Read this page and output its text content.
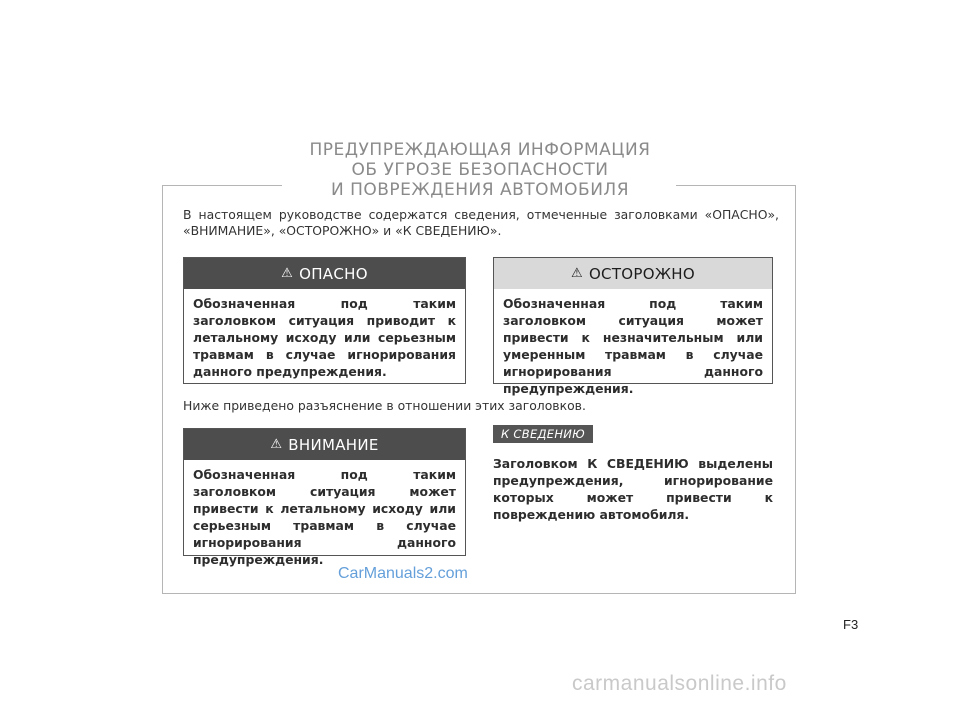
ПРЕДУПРЕЖДАЮЩАЯ ИНФОРМАЦИЯ
ОБ УГРОЗЕ БЕЗОПАСНОСТИ
И ПОВРЕЖДЕНИЯ АВТОМОБИЛЯ
В настоящем руководстве содержатся сведения, отмеченные заголовками «ОПАСНО», «ВНИМАНИЕ», «ОСТОРОЖНО» и «К СВЕДЕНИЮ».
⚠ ОПАСНО
Обозначенная под таким заголовком ситуация приводит к летальному исходу или серьезным травмам в случае игнорирования данного предупреждения.
⚠ ОСТОРОЖНО
Обозначенная под таким заголовком ситуация может привести к незначительным или умеренным травмам в случае игнорирования данного предупреждения.
Ниже приведено разъяснение в отношении этих заголовков.
⚠ ВНИМАНИЕ
Обозначенная под таким заголовком ситуация может привести к летальному исходу или серьезным травмам в случае игнорирования данного предупреждения.
К СВЕДЕНИЮ
Заголовком К СВЕДЕНИЮ выделены предупреждения, игнорирование которых может привести к повреждению автомобиля.
CarManuals2.com
F3
carmanualsonline.info
